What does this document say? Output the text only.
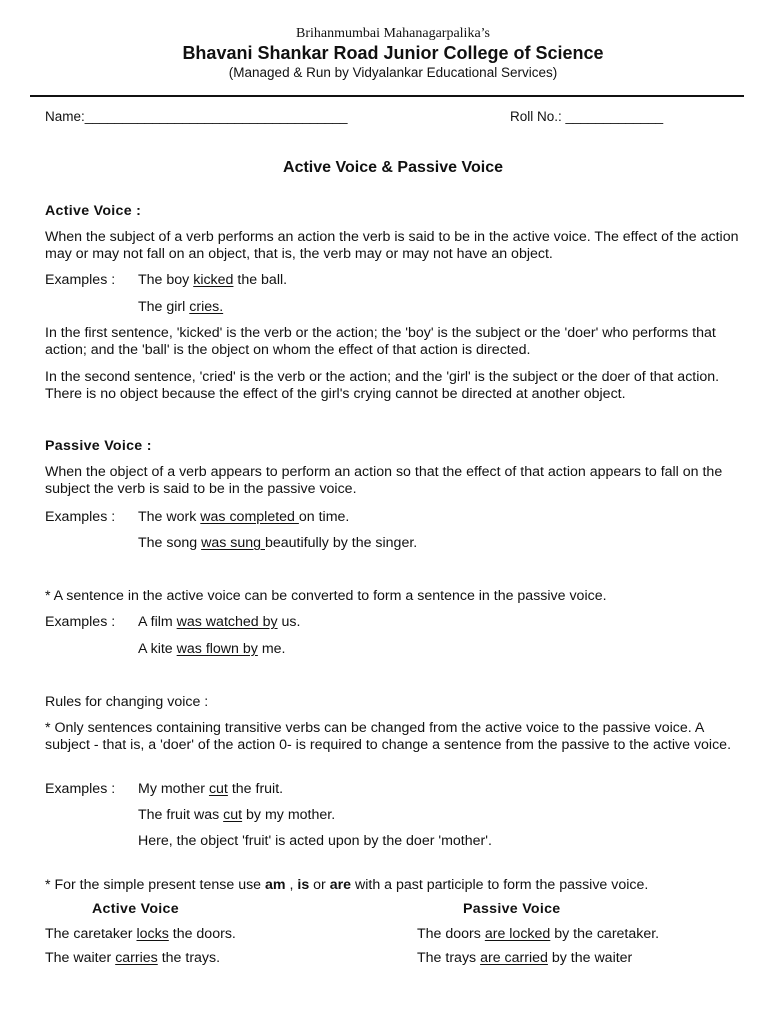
Brihanmumbai Mahanagarpalika’s
Bhavani Shankar Road Junior College of Science
(Managed & Run by Vidyalankar Educational Services)
Name:___________________________________	Roll No.: _____________
Active Voice & Passive Voice
Active Voice :
When the subject of a verb performs an action the verb is said to be in the active voice. The effect of the action may or may not fall on an object, that is, the verb may or may not have an object.
Examples : The boy kicked the ball.
The girl cries.
In the first sentence, 'kicked' is the verb or the action; the 'boy' is the subject or the 'doer' who performs that action; and the 'ball' is the object on whom the effect of that action is directed.
In the second sentence, 'cried' is the verb or the action; and the 'girl' is the subject or the doer of that action. There is no object because the effect of the girl's crying cannot be directed at another object.
Passive Voice :
When the object of a verb appears to perform an action so that the effect of that action appears to fall on the subject the verb is said to be in the passive voice.
Examples : The work was completed on time.
The song was sung beautifully by the singer.
* A sentence in the active voice can be converted to form a sentence in the passive voice.
Examples : A film was watched by us.
A kite was flown by me.
Rules for changing voice :
* Only sentences containing transitive verbs can be changed from the active voice to the passive voice. A subject - that is, a 'doer' of the action 0- is required to change a sentence from the passive to the active voice.
Examples : My mother cut the fruit.
The fruit was cut by my mother.
Here, the object 'fruit' is acted upon by the doer 'mother'.
* For the simple present tense use am , is or are with a past participle to form the passive voice.
Active Voice	Passive Voice
The caretaker locks the doors.	The doors are locked by the caretaker.
The waiter carries the trays.	The trays are carried by the waiter
